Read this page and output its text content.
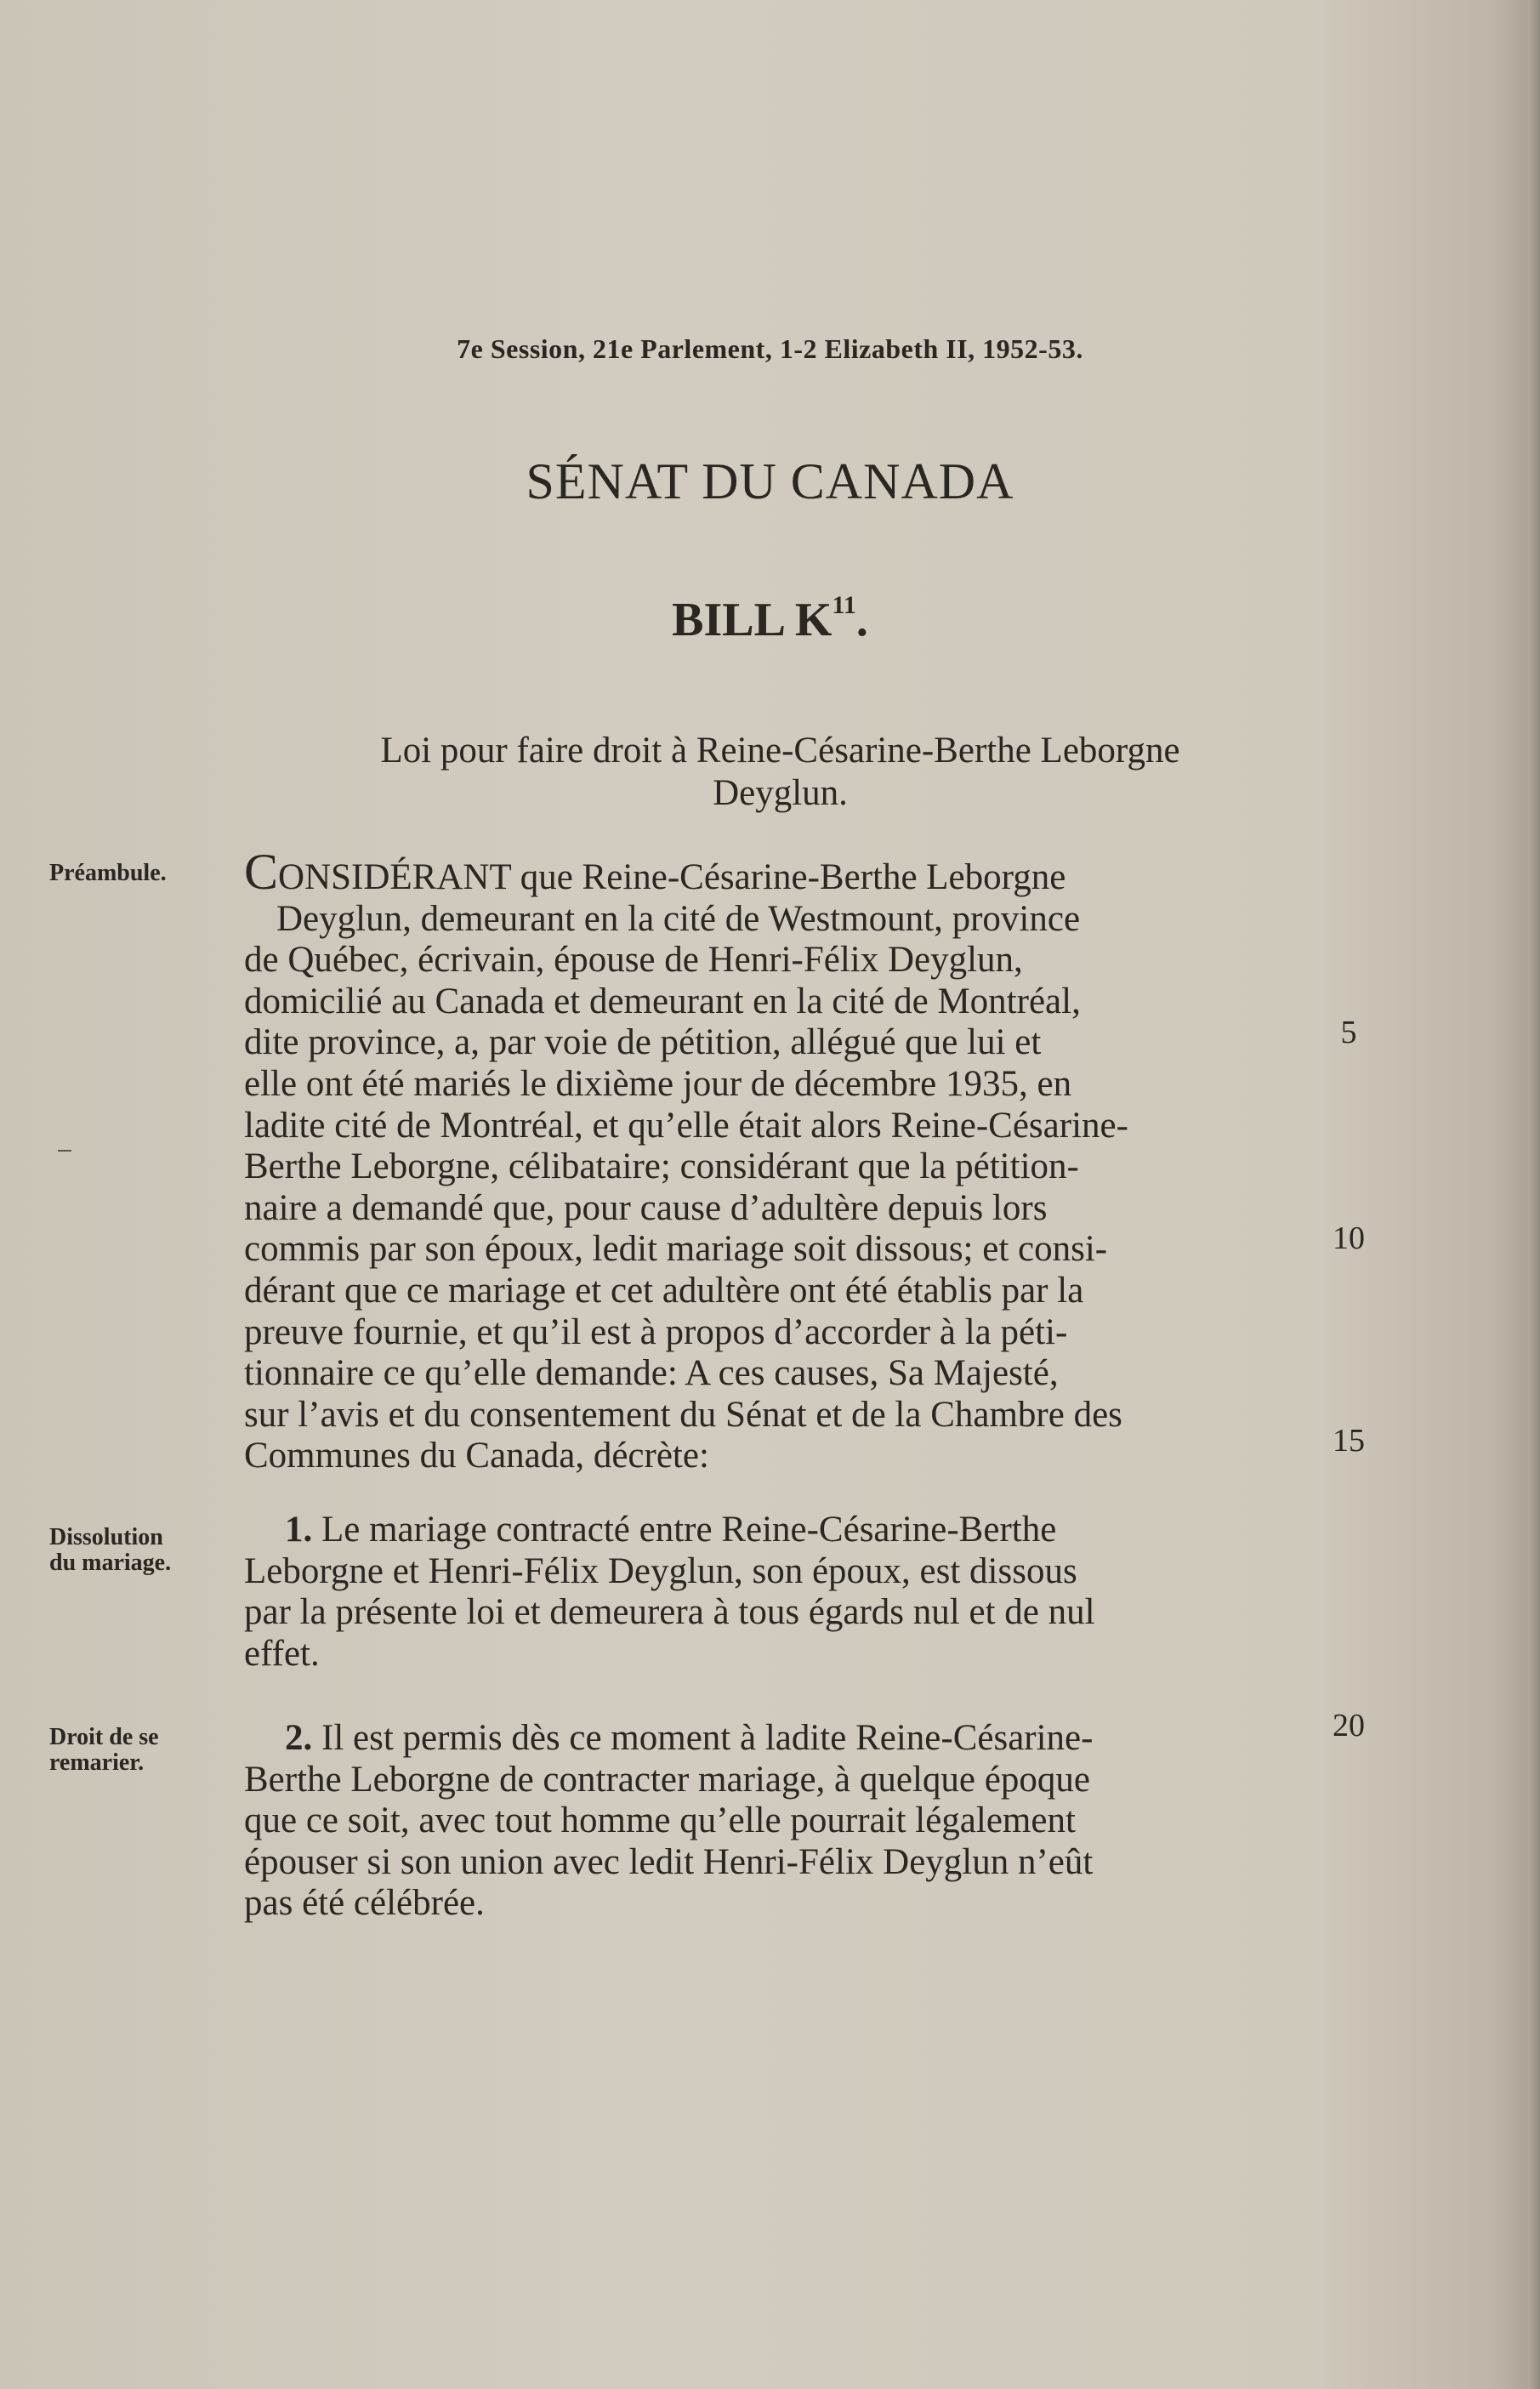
7e Session, 21e Parlement, 1-2 Elizabeth II, 1952-53.
SÉNAT DU CANADA
BILL $K^{11}$.
Loi pour faire droit à Reine-Césarine-Berthe Leborgne
Deyglun.
Préambule.
Dissolution
du mariage.
Droit de se
remarier.
CONSIDÉRANT que Reine-Césarine-Berthe Leborgne
Deyglun, demeurant en la cité de Westmount, province
de Québec, écrivain, épouse de Henri-Félix Deyglun,
domicilié au Canada et demeurant en la cité de Montréal,
dite province, a, par voie de pétition, allégué que lui et
elle ont été mariés le dixième jour de décembre 1935, en
ladite cité de Montréal, et qu’elle était alors Reine-Césarine-
Berthe Leborgne, célibataire; considérant que la pétition-
naire a demandé que, pour cause d’adultère depuis lors
commis par son époux, ledit mariage soit dissous; et consi-
dérant que ce mariage et cet adultère ont été établis par la
preuve fournie, et qu’il est à propos d’accorder à la péti-
tionnaire ce qu’elle demande: A ces causes, Sa Majesté,
sur l’avis et du consentement du Sénat et de la Chambre des
Communes du Canada, décrète:
1. Le mariage contracté entre Reine-Césarine-Berthe
Leborgne et Henri-Félix Deyglun, son époux, est dissous
par la présente loi et demeurera à tous égards nul et de nul
effet.
2. Il est permis dès ce moment à ladite Reine-Césarine-
Berthe Leborgne de contracter mariage, à quelque époque
que ce soit, avec tout homme qu’elle pourrait légalement
épouser si son union avec ledit Henri-Félix Deyglun n’eût
pas été célébrée.
5
10
15
20
